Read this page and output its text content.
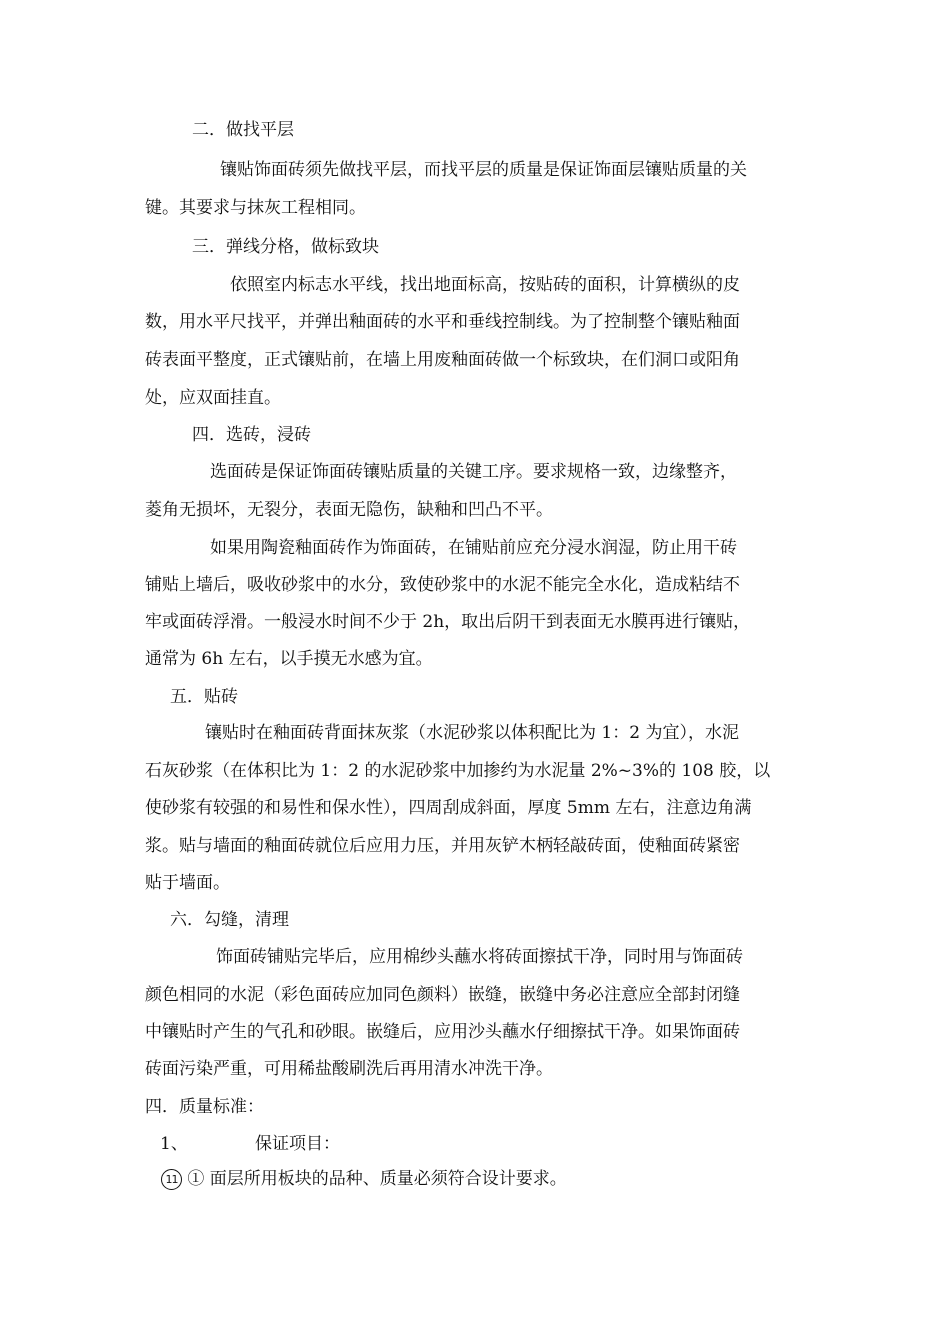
二．做找平层

镶贴饰面砖须先做找平层，而找平层的质量是保证饰面层镶贴质量的关

键。其要求与抹灰工程相同。

三．弹线分格，做标致块

依照室内标志水平线，找出地面标高，按贴砖的面积，计算横纵的皮

数，用水平尺找平，并弹出釉面砖的水平和垂线控制线。为了控制整个镶贴釉面

砖表面平整度，正式镶贴前，在墙上用废釉面砖做一个标致块，在们洞口或阳角

处，应双面挂直。

四．选砖，浸砖

选面砖是保证饰面砖镶贴质量的关键工序。要求规格一致，边缘整齐，

菱角无损坏，无裂分，表面无隐伤，缺釉和凹凸不平。

如果用陶瓷釉面砖作为饰面砖，在铺贴前应充分浸水润湿，防止用干砖

铺贴上墙后，吸收砂浆中的水分，致使砂浆中的水泥不能完全水化，造成粘结不

牢或面砖浮滑。一般浸水时间不少于 2h，取出后阴干到表面无水膜再进行镶贴，

通常为 6h 左右，以手摸无水感为宜。

五．贴砖

镶贴时在釉面砖背面抹灰浆（水泥砂浆以体积配比为 1：2 为宜），水泥

石灰砂浆（在体积比为 1：2 的水泥砂浆中加掺约为水泥量 2%~3%的 108 胶，以

使砂浆有较强的和易性和保水性），四周刮成斜面，厚度 5mm 左右，注意边角满

浆。贴与墙面的釉面砖就位后应用力压，并用灰铲木柄轻敲砖面，使釉面砖紧密

贴于墙面。

六．勾缝，清理

饰面砖铺贴完毕后，应用棉纱头蘸水将砖面擦拭干净，同时用与饰面砖

颜色相同的水泥（彩色面砖应加同色颜料）嵌缝，嵌缝中务必注意应全部封闭缝

中镶贴时产生的气孔和砂眼。嵌缝后，应用沙头蘸水仔细擦拭干净。如果饰面砖

砖面污染严重，可用稀盐酸刷洗后再用清水冲洗干净。

四．质量标准：

1、	保证项目：

11 ① 面层所用板块的品种、质量必须符合设计要求。
